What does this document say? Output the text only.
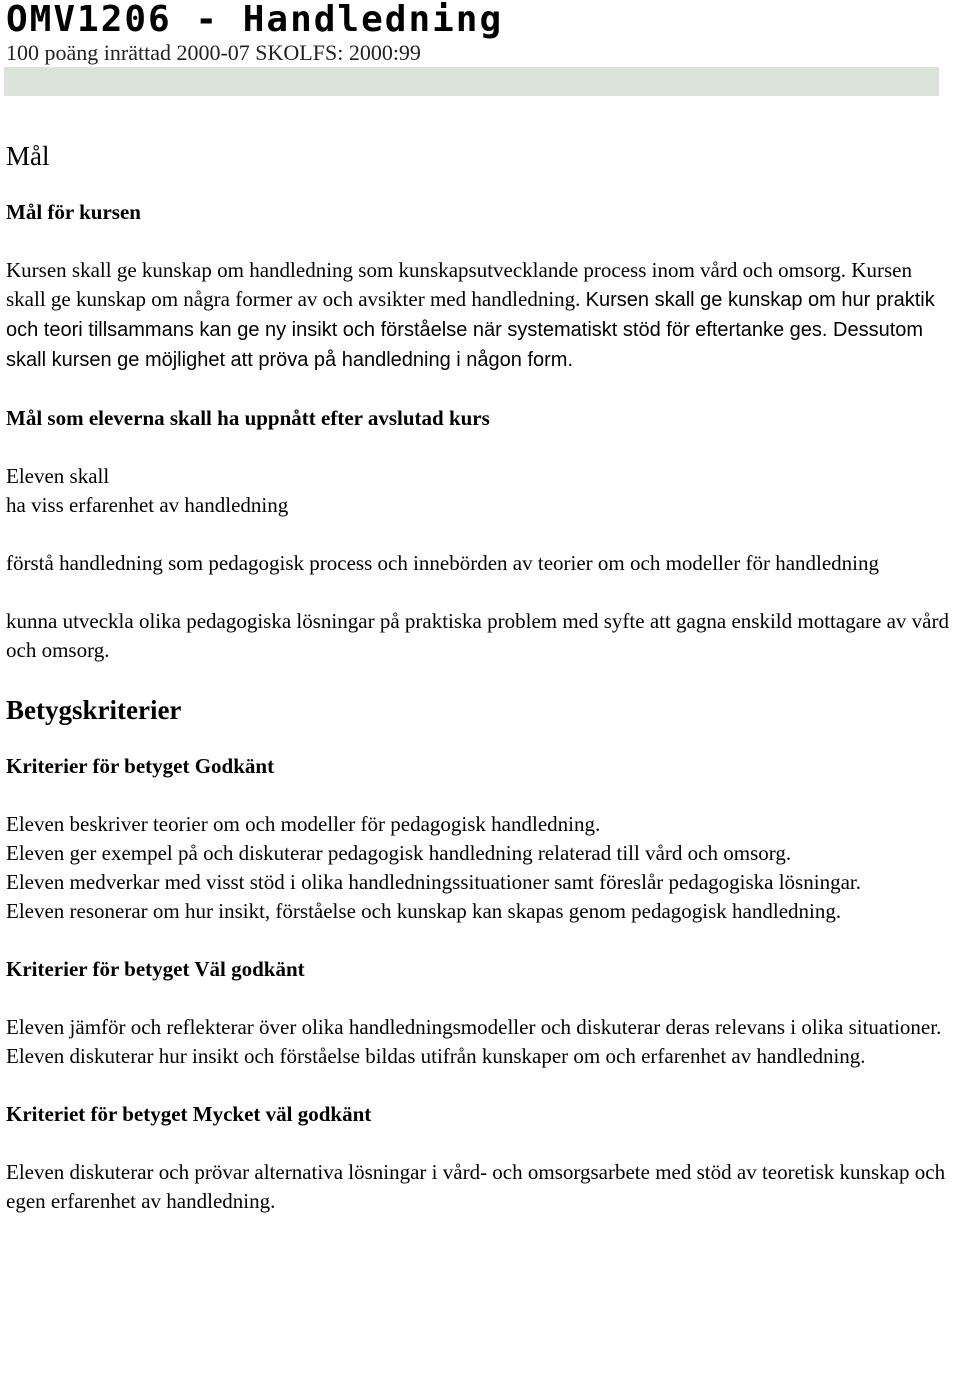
OMV1206 - Handledning

100 poäng inrättad 2000-07 SKOLFS: 2000:99

Mål
Mål för kursen

Kursen skall ge kunskap om handledning som kunskapsutvecklande process inom vård och omsorg. Kursen skall ge kunskap om några former av och avsikter med handledning. Kursen skall ge kunskap om hur praktik och teori tillsammans kan ge ny insikt och förståelse när systematiskt stöd för eftertanke ges. Dessutom skall kursen ge möjlighet att pröva på handledning i någon form.

Mål som eleverna skall ha uppnått efter avslutad kurs

Eleven skall

ha viss erfarenhet av handledning

förstå handledning som pedagogisk process och innebörden av teorier om och modeller för handledning

kunna utveckla olika pedagogiska lösningar på praktiska problem med syfte att gagna enskild mottagare av vård och omsorg.

Betygskriterier
Kriterier för betyget Godkänt

Eleven beskriver teorier om och modeller för pedagogisk handledning.

Eleven ger exempel på och diskuterar pedagogisk handledning relaterad till vård och omsorg.

Eleven medverkar med visst stöd i olika handledningssituationer samt föreslår pedagogiska lösningar.

Eleven resonerar om hur insikt, förståelse och kunskap kan skapas genom pedagogisk handledning.

Kriterier för betyget Väl godkänt

Eleven jämför och reflekterar över olika handledningsmodeller och diskuterar deras relevans i olika situationer.

Eleven diskuterar hur insikt och förståelse bildas utifrån kunskaper om och erfarenhet av handledning.

Kriteriet för betyget Mycket väl godkänt

Eleven diskuterar och prövar alternativa lösningar i vård- och omsorgsarbete med stöd av teoretisk kunskap och egen erfarenhet av handledning.
